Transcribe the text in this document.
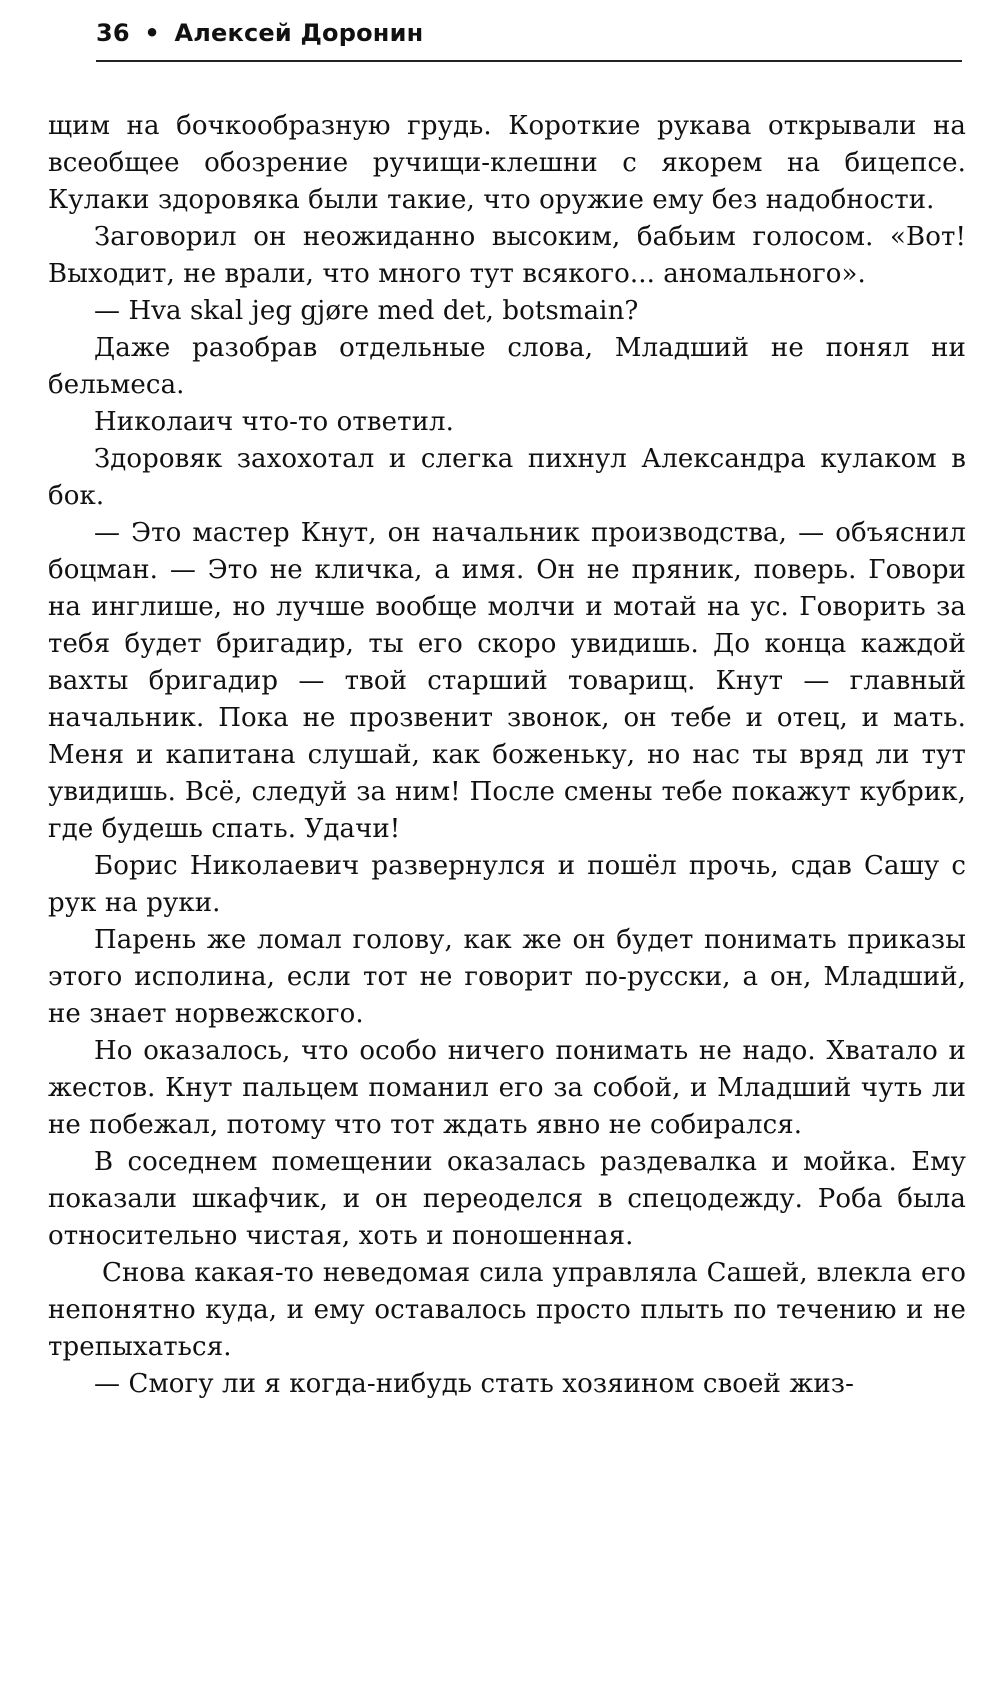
36 • Алексей Доронин

щим на бочкообразную грудь. Короткие рукава открывали на всеобщее обозрение ручищи-клешни с якорем на бицепсе. Кулаки здоровяка были такие, что оружие ему без надобности.

Заговорил он неожиданно высоким, бабьим голосом. «Вот! Выходит, не врали, что много тут всякого... аномального».

— Hva skal jeg gjøre med det, botsmain?

Даже разобрав отдельные слова, Младший не понял ни бельмеса.

Николаич что-то ответил.

Здоровяк захохотал и слегка пихнул Александра кулаком в бок.

— Это мастер Кнут, он начальник производства, — объяснил боцман. — Это не кличка, а имя. Он не пряник, поверь. Говори на инглише, но лучше вообще молчи и мотай на ус. Говорить за тебя будет бригадир, ты его скоро увидишь. До конца каждой вахты бригадир — твой старший товарищ. Кнут — главный начальник. Пока не прозвенит звонок, он тебе и отец, и мать. Меня и капитана слушай, как боженьку, но нас ты вряд ли тут увидишь. Всё, следуй за ним! После смены тебе покажут кубрик, где будешь спать. Удачи!

Борис Николаевич развернулся и пошёл прочь, сдав Сашу с рук на руки.

Парень же ломал голову, как же он будет понимать приказы этого исполина, если тот не говорит по-русски, а он, Младший, не знает норвежского.

Но оказалось, что особо ничего понимать не надо. Хватало и жестов. Кнут пальцем поманил его за собой, и Младший чуть ли не побежал, потому что тот ждать явно не собирался.

В соседнем помещении оказалась раздевалка и мойка. Ему показали шкафчик, и он переоделся в спецодежду. Роба была относительно чистая, хоть и поношенная.

Снова какая-то неведомая сила управляла Сашей, влекла его непонятно куда, и ему оставалось просто плыть по течению и не трепыхаться.

— Смогу ли я когда-нибудь стать хозяином своей жиз-
